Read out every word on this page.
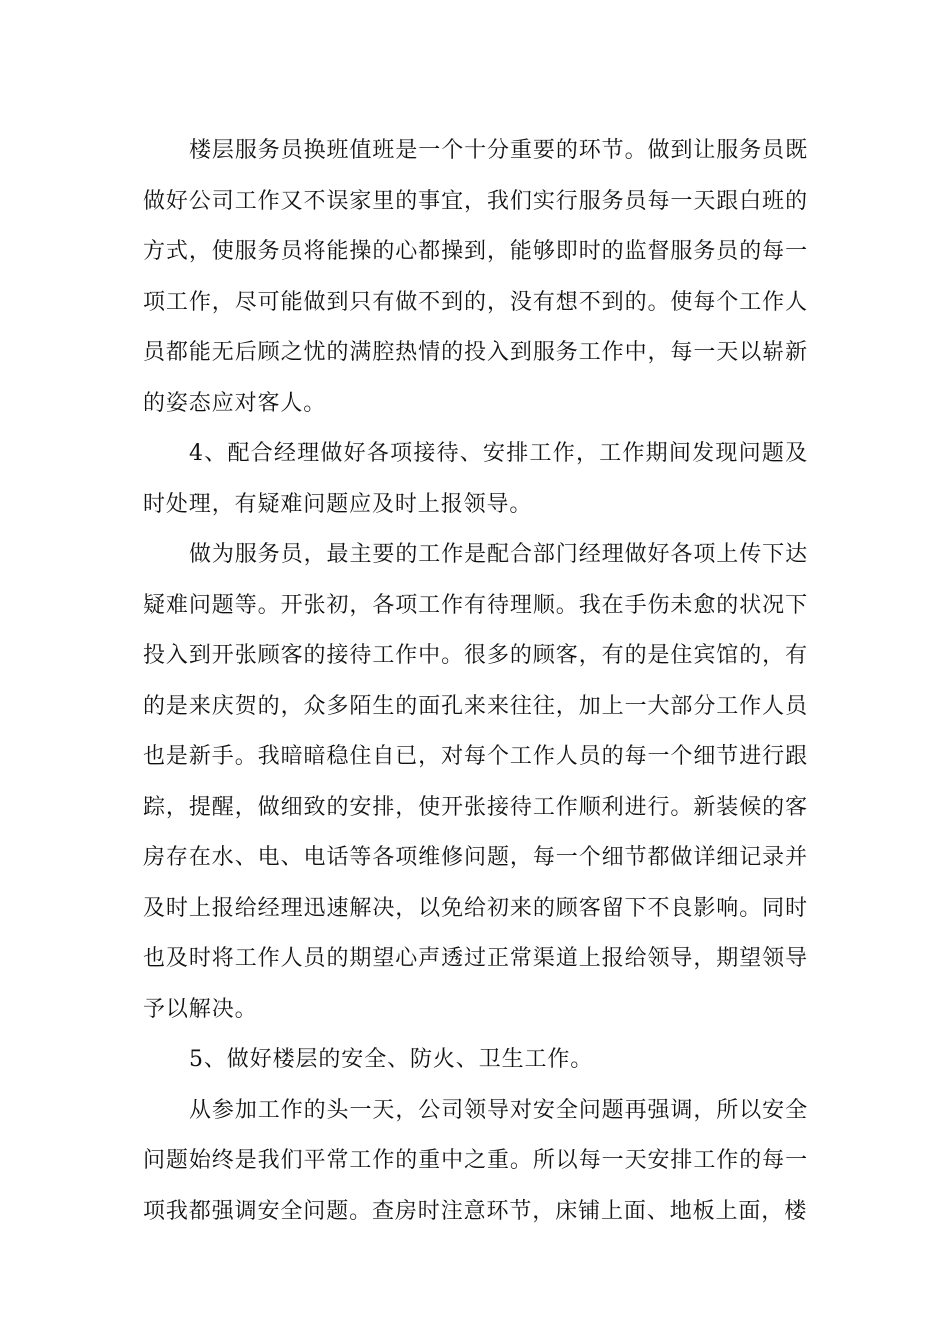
楼层服务员换班值班是一个十分重要的环节。做到让服务员既做好公司工作又不误家里的事宜，我们实行服务员每一天跟白班的方式，使服务员将能操的心都操到，能够即时的监督服务员的每一项工作，尽可能做到只有做不到的，没有想不到的。使每个工作人员都能无后顾之忧的满腔热情的投入到服务工作中，每一天以崭新的姿态应对客人。

4、配合经理做好各项接待、安排工作，工作期间发现问题及时处理，有疑难问题应及时上报领导。

做为服务员，最主要的工作是配合部门经理做好各项上传下达疑难问题等。开张初，各项工作有待理顺。我在手伤未愈的状况下投入到开张顾客的接待工作中。很多的顾客，有的是住宾馆的，有的是来庆贺的，众多陌生的面孔来来往往，加上一大部分工作人员也是新手。我暗暗稳住自已，对每个工作人员的每一个细节进行跟踪，提醒，做细致的安排，使开张接待工作顺利进行。新装候的客房存在水、电、电话等各项维修问题，每一个细节都做详细记录并及时上报给经理迅速解决，以免给初来的顾客留下不良影响。同时也及时将工作人员的期望心声透过正常渠道上报给领导，期望领导予以解决。

5、做好楼层的安全、防火、卫生工作。

从参加工作的头一天，公司领导对安全问题再强调，所以安全问题始终是我们平常工作的重中之重。所以每一天安排工作的每一项我都强调安全问题。查房时注意环节，床铺上面、地板上面，楼
